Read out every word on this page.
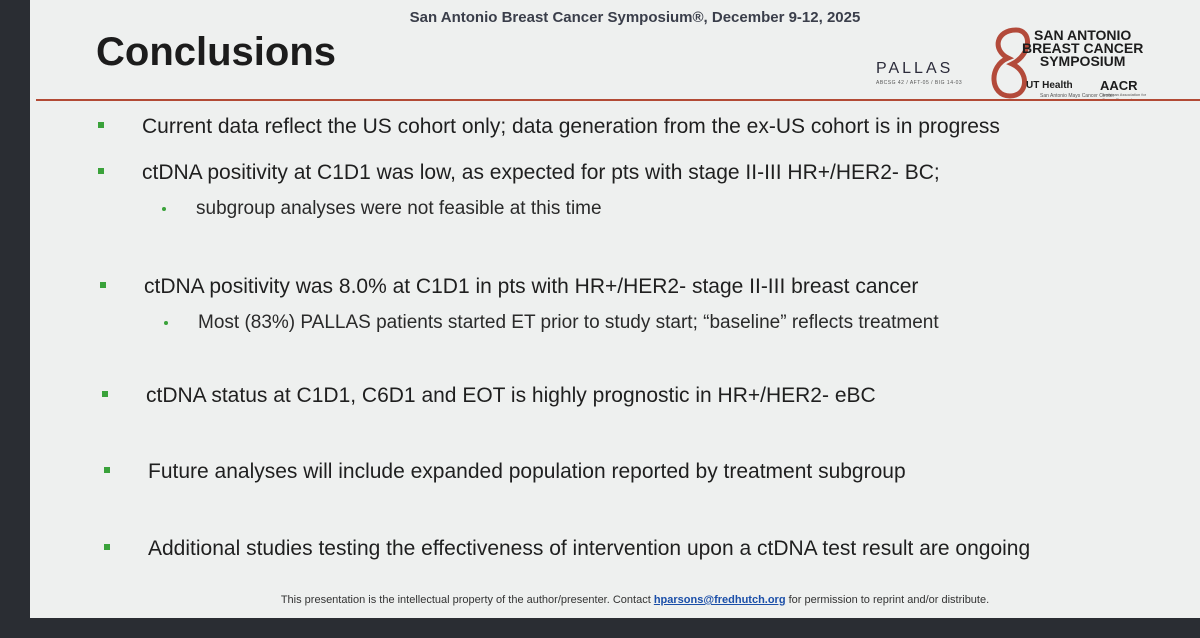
San Antonio Breast Cancer Symposium®, December 9-12, 2025
Conclusions	PALLAS
ABCSG 42 / AFT-05 / BIG 14-03
SAN ANTONIO
BREAST CANCER
SYMPOSIUM
UT Health
San Antonio Mays Cancer Center
AACR
American Association for
Current data reflect the US cohort only; data generation from the ex-US cohort is in progress
ctDNA positivity at C1D1 was low, as expected for pts with stage II-III HR+/HER2- BC;
subgroup analyses were not feasible at this time
ctDNA positivity was 8.0% at C1D1 in pts with HR+/HER2- stage II-III breast cancer
Most (83%) PALLAS patients started ET prior to study start; “baseline” reflects treatment
ctDNA status at C1D1, C6D1 and EOT is highly prognostic in HR+/HER2- eBC
Future analyses will include expanded population reported by treatment subgroup
Additional studies testing the effectiveness of intervention upon a ctDNA test result are ongoing
This presentation is the intellectual property of the author/presenter. Contact hparsons@fredhutch.org for permission to reprint and/or distribute.
